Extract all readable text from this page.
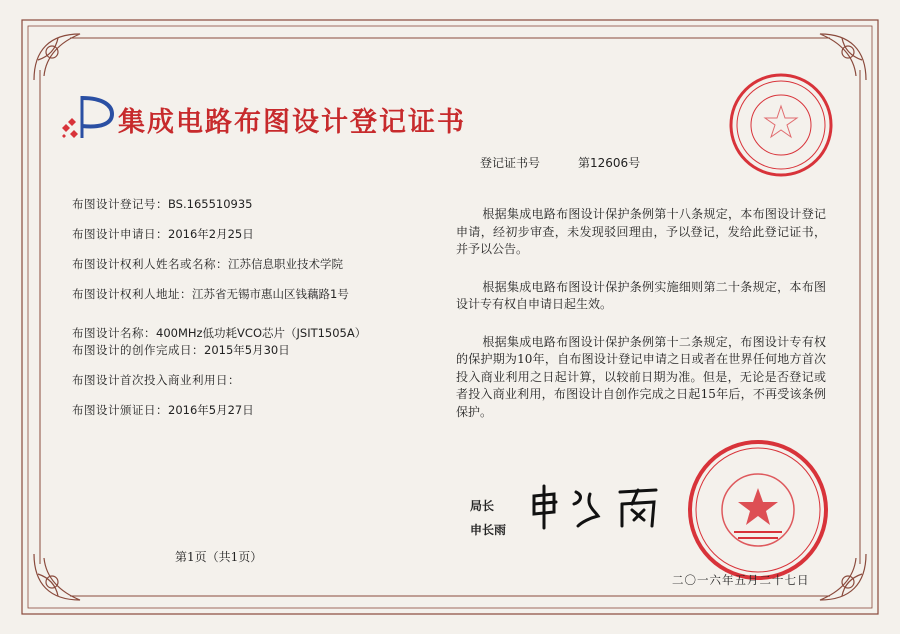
集成电路布图设计登记证书
布图设计登记号：BS.165510935
布图设计申请日：2016年2月25日
布图设计权利人姓名或名称：江苏信息职业技术学院
布图设计权利人地址：江苏省无锡市惠山区钱藕路1号
布图设计名称：400MHz低功耗VCO芯片（JSIT1505A）
布图设计的创作完成日：2015年5月30日
布图设计首次投入商业利用日：
布图设计颁证日：2016年5月27日
登记证书号	第12606号

根据集成电路布图设计保护条例第十八条规定，本布图设计登记申请，经初步审查，未发现驳回理由，予以登记，发给此登记证书，并予以公告。

根据集成电路布图设计保护条例实施细则第二十条规定，本布图设计专有权自申请日起生效。

根据集成电路布图设计保护条例第十二条规定，布图设计专有权的保护期为10年，自布图设计登记申请之日或者在世界任何地方首次投入商业利用之日起计算，以较前日期为准。但是，无论是否登记或者投入商业利用，布图设计自创作完成之日起15年后，不再受该条例保护。

局长
申长雨
第1页（共1页）
二〇一六年五月二十七日
